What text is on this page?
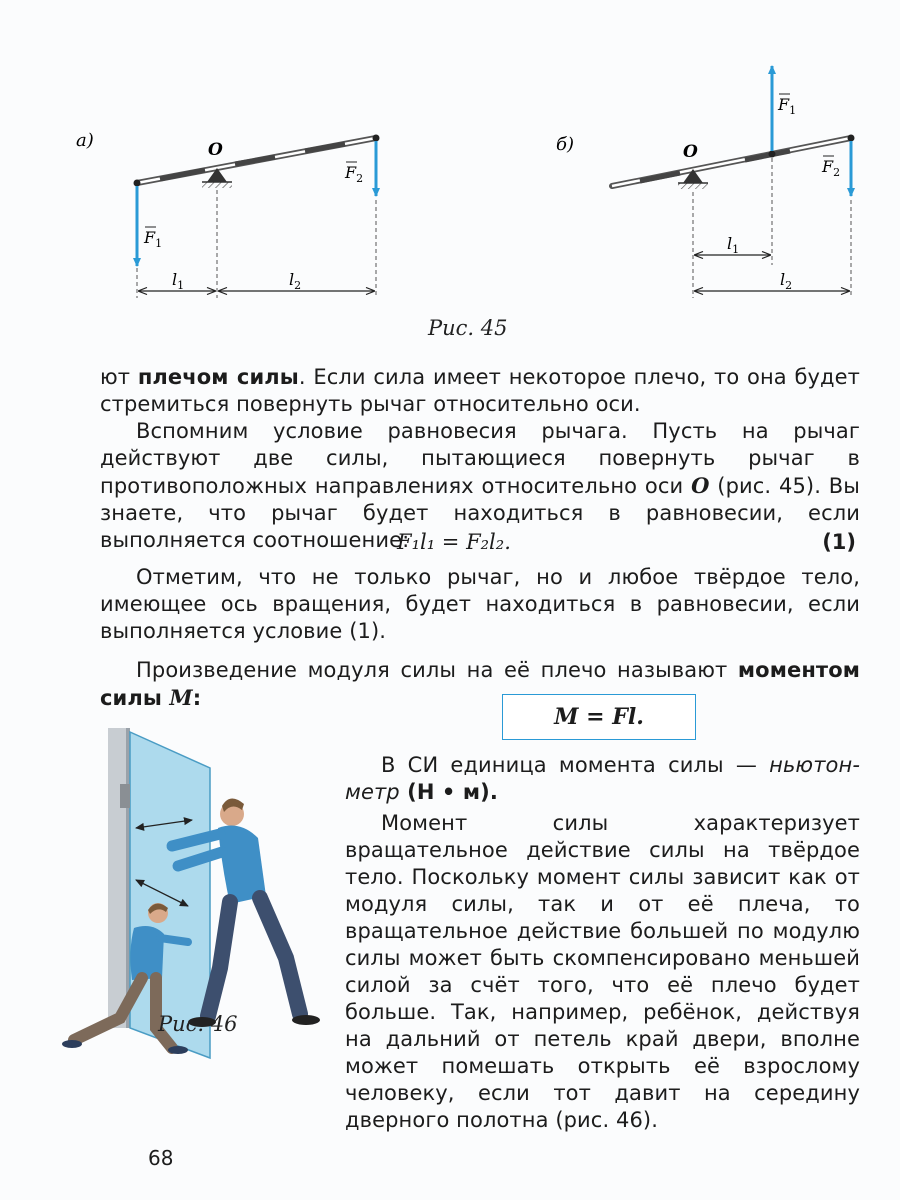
а)	O
$F_1$
$F_2$
$l_1$	$l_2$
б)	O
$F_1$
$F_2$
$l_1$
$l_2$
Рис. 45

ют плечом силы. Если сила имеет некоторое плечо, то она будет стремиться повернуть рычаг относительно оси.

Вспомним условие равновесия рычага. Пусть на рычаг действуют две силы, пытающиеся повернуть рычаг в противоположных направлениях относительно оси O (рис. 45). Вы знаете, что рычаг будет находиться в равновесии, если выполняется соотношение:

F₁l₁ = F₂l₂.	(1)

Отметим, что не только рычаг, но и любое твёрдое тело, имеющее ось вращения, будет находиться в равновесии, если выполняется условие (1).

Произведение модуля силы на её плечо называют моментом силы M:

M = Fl.

В СИ единица момента силы — ньютон-метр (Н • м).

Момент силы характеризует вращательное действие силы на твёрдое тело. Поскольку момент силы зависит как от модуля силы, так и от её плеча, то вращательное действие большей по модулю силы может быть скомпенсировано меньшей силой за счёт того, что её плечо будет больше. Так, например, ребёнок, действуя на дальний от петель край двери, вполне может помешать открыть её взрослому человеку, если тот давит на середину дверного полотна (рис. 46).

Рис. 46
68
